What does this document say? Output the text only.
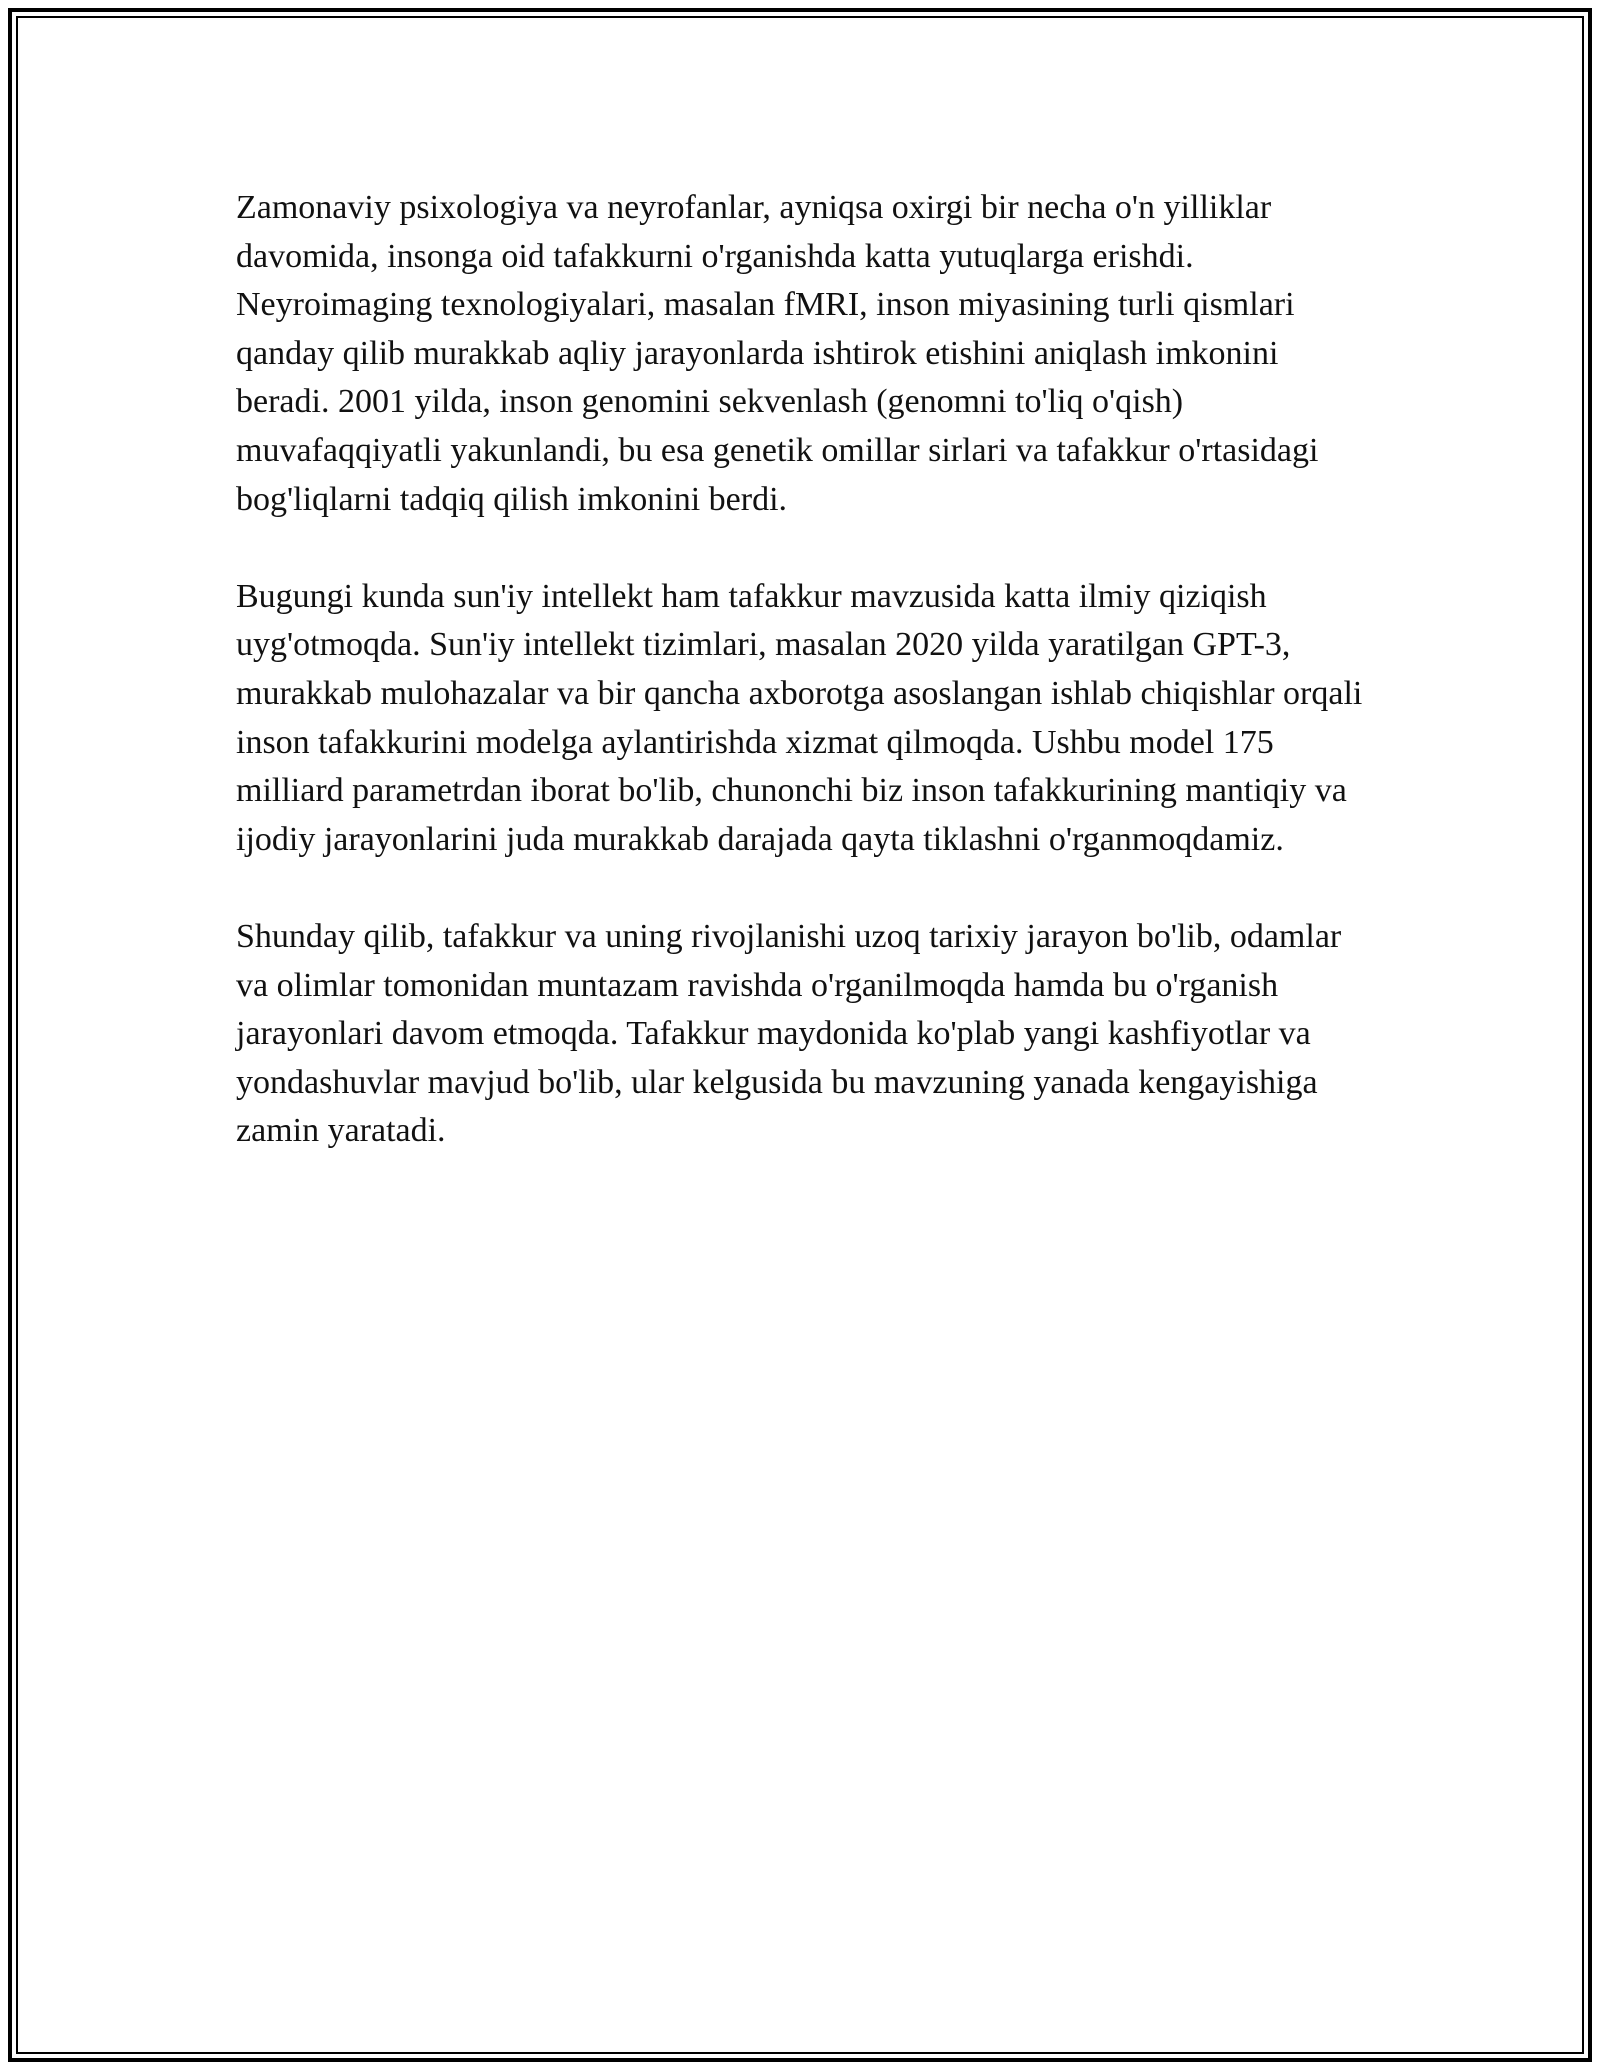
Zamonaviy psixologiya va neyrofanlar, ayniqsa oxirgi bir necha o'n yilliklar davomida, insonga oid tafakkurni o'rganishda katta yutuqlarga erishdi. Neyroimaging texnologiyalari, masalan fMRI, inson miyasining turli qismlari qanday qilib murakkab aqliy jarayonlarda ishtirok etishini aniqlash imkonini beradi. 2001 yilda, inson genomini sekvenlash (genomni to'liq o'qish) muvafaqqiyatli yakunlandi, bu esa genetik omillar sirlari va tafakkur o'rtasidagi bog'liqlarni tadqiq qilish imkonini berdi.

Bugungi kunda sun'iy intellekt ham tafakkur mavzusida katta ilmiy qiziqish uyg'otmoqda. Sun'iy intellekt tizimlari, masalan 2020 yilda yaratilgan GPT-3, murakkab mulohazalar va bir qancha axborotga asoslangan ishlab chiqishlar orqali inson tafakkurini modelga aylantirishda xizmat qilmoqda. Ushbu model 175 milliard parametrdan iborat bo'lib, chunonchi biz inson tafakkurining mantiqiy va ijodiy jarayonlarini juda murakkab darajada qayta tiklashni o'rganmoqdamiz.

Shunday qilib, tafakkur va uning rivojlanishi uzoq tarixiy jarayon bo'lib, odamlar va olimlar tomonidan muntazam ravishda o'rganilmoqda hamda bu o'rganish jarayonlari davom etmoqda. Tafakkur maydonida ko'plab yangi kashfiyotlar va yondashuvlar mavjud bo'lib, ular kelgusida bu mavzuning yanada kengayishiga zamin yaratadi.
